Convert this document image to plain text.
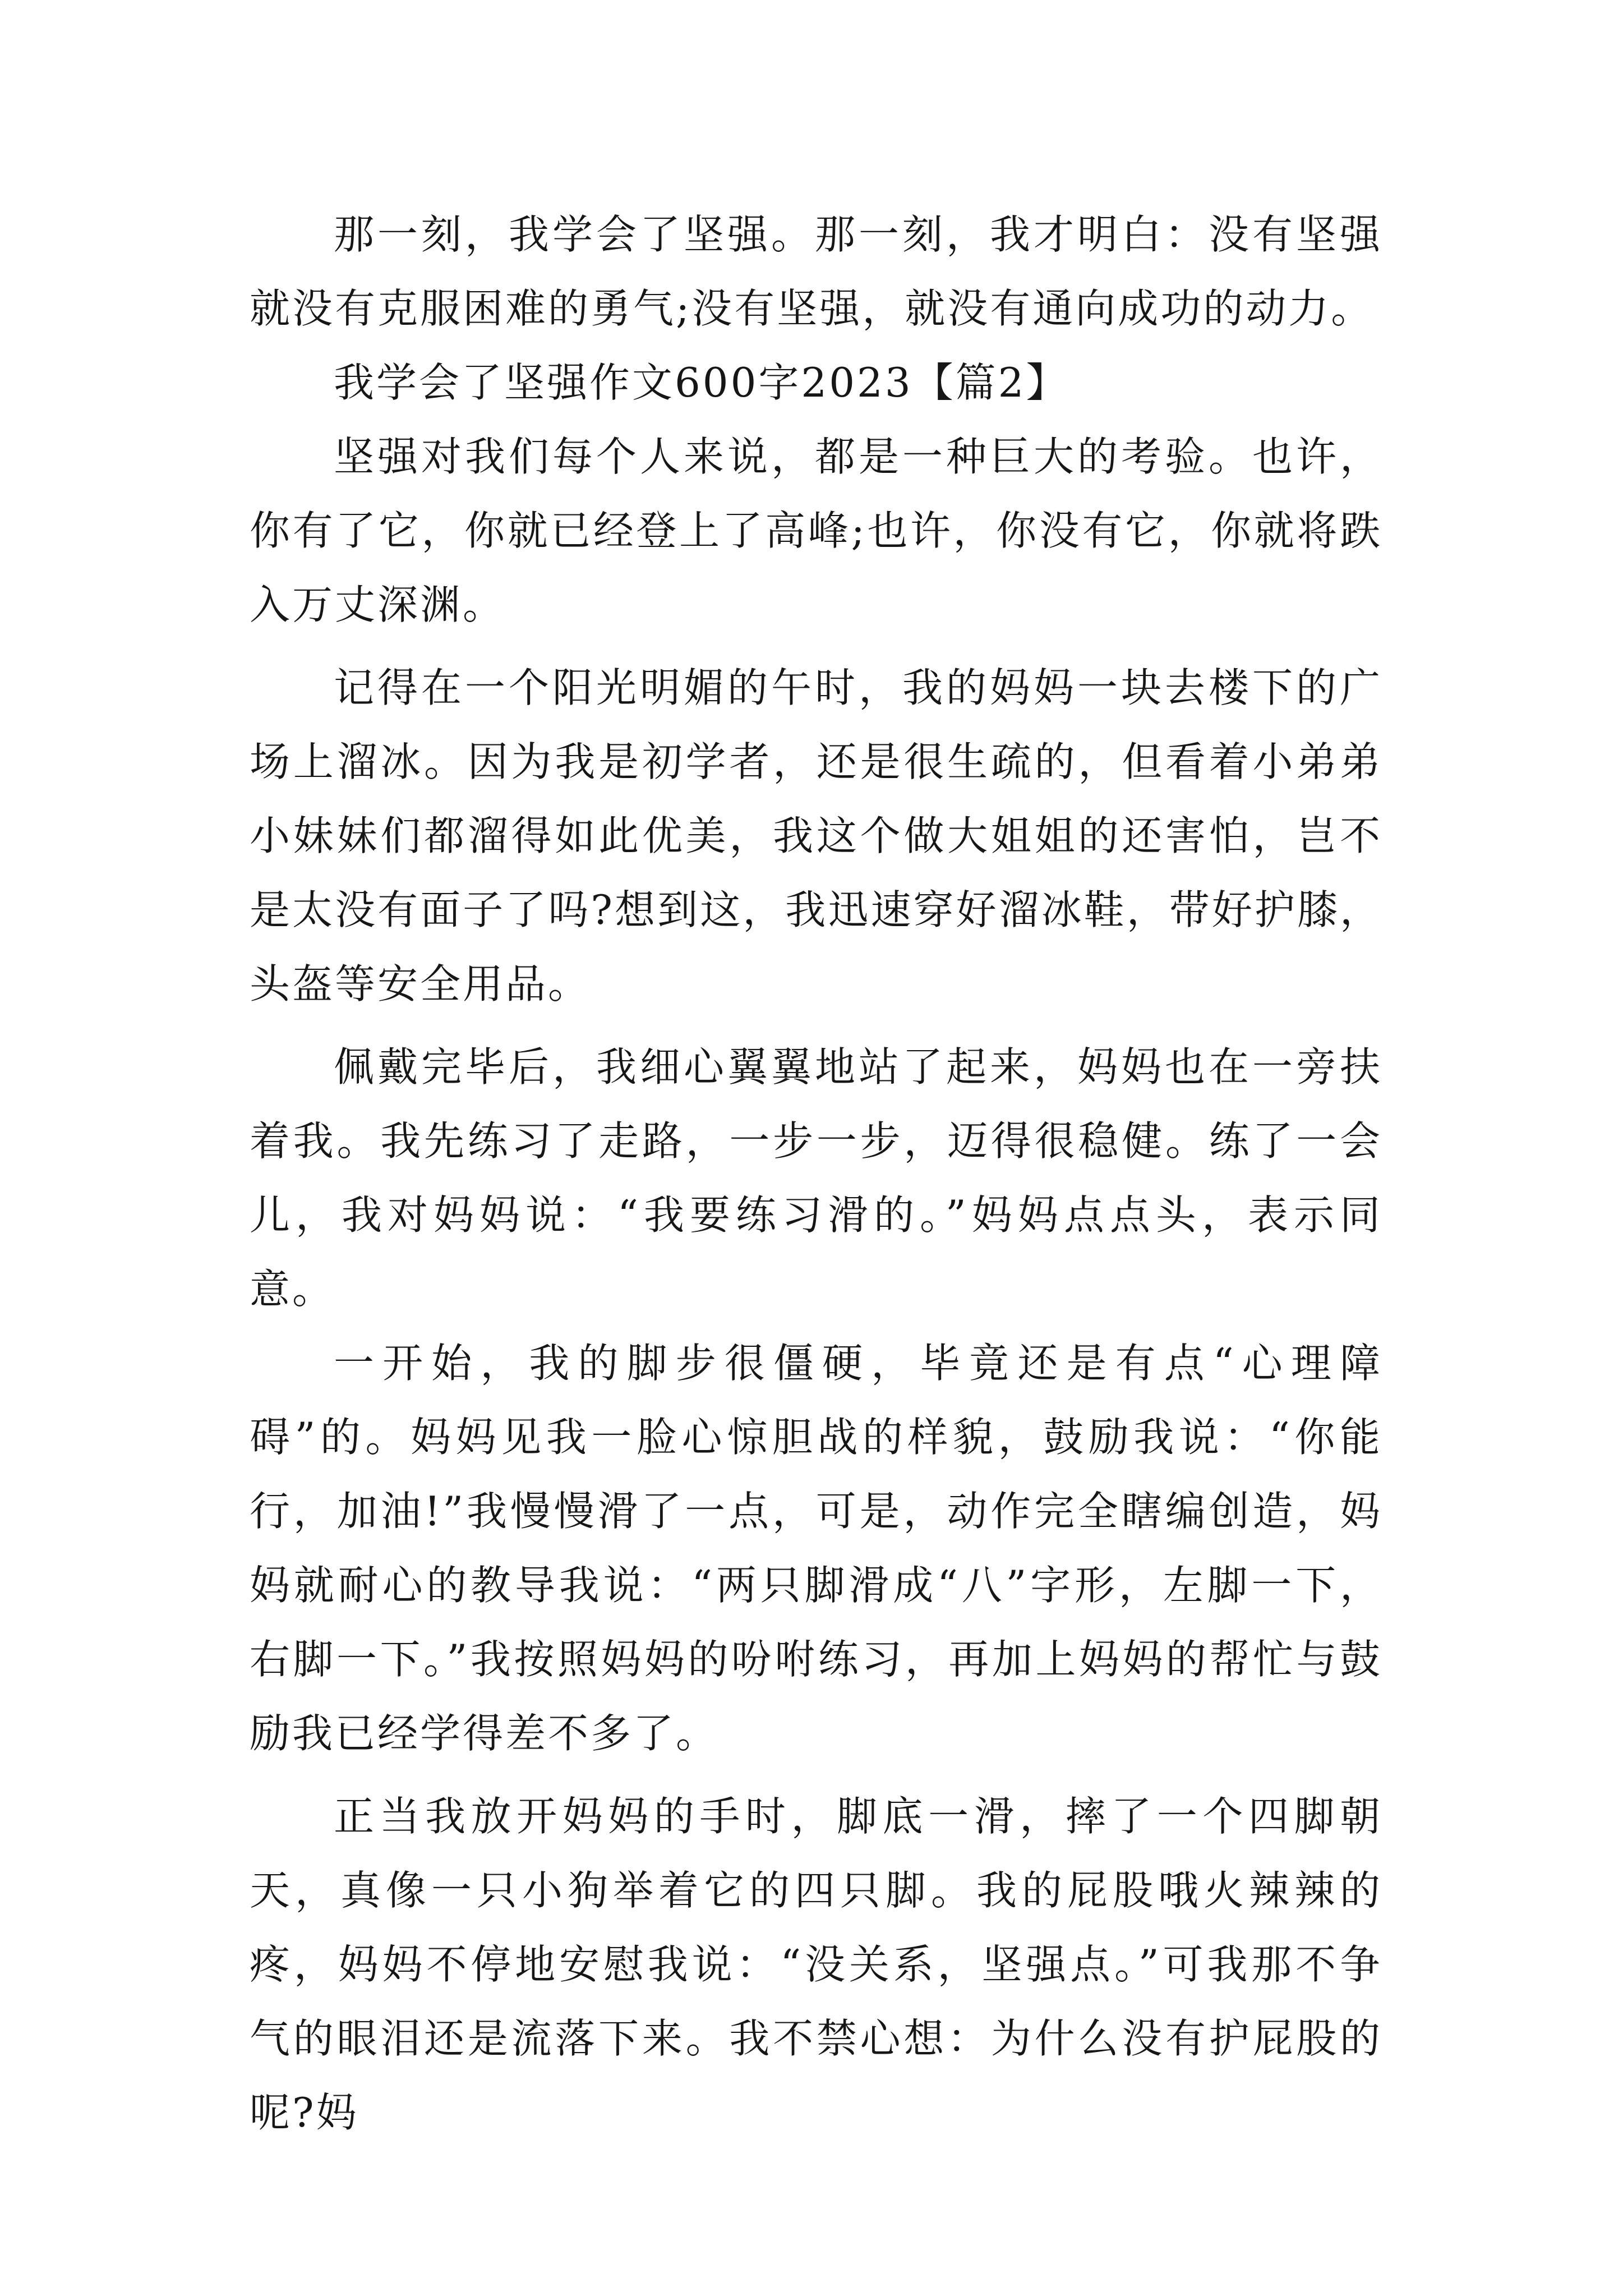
那一刻，我学会了坚强。那一刻，我才明白：没有坚强就没有克服困难的勇气;没有坚强，就没有通向成功的动力。

我学会了坚强作文600字2023【篇2】

坚强对我们每个人来说，都是一种巨大的考验。也许，你有了它，你就已经登上了高峰;也许，你没有它，你就将跌入万丈深渊。

记得在一个阳光明媚的午时，我的妈妈一块去楼下的广场上溜冰。因为我是初学者，还是很生疏的，但看着小弟弟小妹妹们都溜得如此优美，我这个做大姐姐的还害怕，岂不是太没有面子了吗?想到这，我迅速穿好溜冰鞋，带好护膝，头盔等安全用品。

佩戴完毕后，我细心翼翼地站了起来，妈妈也在一旁扶着我。我先练习了走路，一步一步，迈得很稳健。练了一会儿，我对妈妈说：“我要练习滑的。”妈妈点点头，表示同意。

一开始，我的脚步很僵硬，毕竟还是有点“心理障碍”的。妈妈见我一脸心惊胆战的样貌，鼓励我说：“你能行，加油!”我慢慢滑了一点，可是，动作完全瞎编创造，妈妈就耐心的教导我说：“两只脚滑成“八”字形，左脚一下，右脚一下。”我按照妈妈的吩咐练习，再加上妈妈的帮忙与鼓励我已经学得差不多了。

正当我放开妈妈的手时，脚底一滑，摔了一个四脚朝天，真像一只小狗举着它的四只脚。我的屁股哦火辣辣的疼，妈妈不停地安慰我说：“没关系，坚强点。”可我那不争气的眼泪还是流落下来。我不禁心想：为什么没有护屁股的呢?妈
